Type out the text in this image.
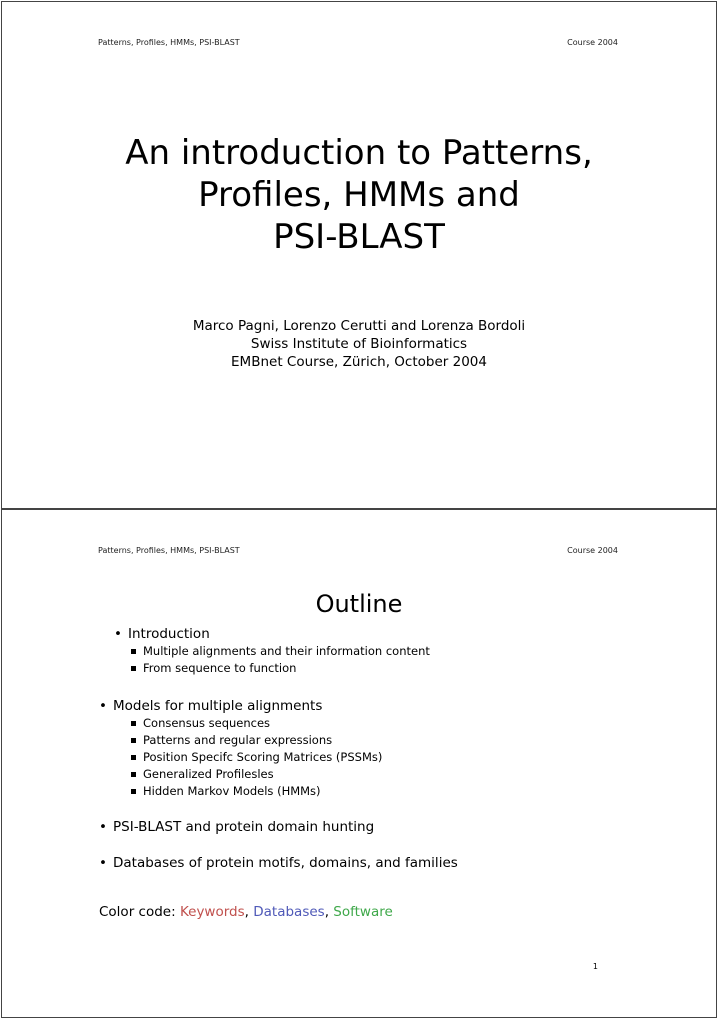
Patterns, Profiles, HMMs, PSI-BLAST	Course 2004
An introduction to Patterns,
Profiles, HMMs and
PSI-BLAST
Marco Pagni, Lorenzo Cerutti and Lorenza Bordoli
Swiss Institute of Bioinformatics
EMBnet Course, Zürich, October 2004
Patterns, Profiles, HMMs, PSI-BLAST	Course 2004
Outline
• Introduction
Multiple alignments and their information content
From sequence to function
• Models for multiple alignments
Consensus sequences
Patterns and regular expressions
Position Specifc Scoring Matrices (PSSMs)
Generalized Profilesles
Hidden Markov Models (HMMs)
• PSI-BLAST and protein domain hunting
• Databases of protein motifs, domains, and families
Color code: Keywords, Databases, Software
1
